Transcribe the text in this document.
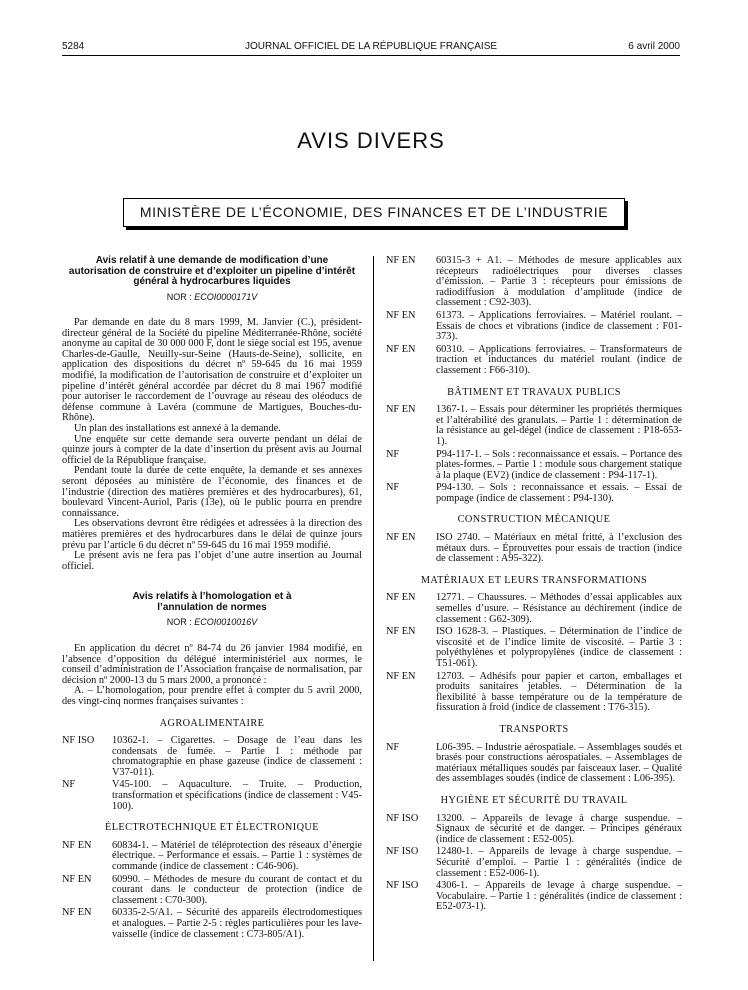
5284	JOURNAL OFFICIEL DE LA RÉPUBLIQUE FRANÇAISE	6 avril 2000
AVIS DIVERS
MINISTÈRE DE L’ÉCONOMIE, DES FINANCES ET DE L’INDUSTRIE
Avis relatif à une demande de modification d’une autorisation de construire et d’exploiter un pipeline d’intérêt général à hydrocarbures liquides
NOR : ECOI0000171V

Par demande en date du 8 mars 1999, M. Janvier (C.), président-directeur général de la Société du pipeline Méditerranée-Rhône, société anonyme au capital de 30 000 000 F, dont le siège social est 195, avenue Charles-de-Gaulle, Neuilly-sur-Seine (Hauts-de-Seine), sollicite, en application des dispositions du décret nº 59-645 du 16 mai 1959 modifié, la modification de l’autorisation de construire et d’exploiter un pipeline d’intérêt général accordée par décret du 8 mai 1967 modifié pour autoriser le raccordement de l’ouvrage au réseau des oléoducs de défense commune à Lavéra (commune de Martigues, Bouches-du-Rhône).

Un plan des installations est annexé à la demande.

Une enquête sur cette demande sera ouverte pendant un délai de quinze jours à compter de la date d’insertion du présent avis au Journal officiel de la République française.

Pendant toute la durée de cette enquête, la demande et ses annexes seront déposées au ministère de l’économie, des finances et de l’industrie (direction des matières premières et des hydrocarbures), 61, boulevard Vincent-Auriol, Paris (13e), où le public pourra en prendre connaissance.

Les observations devront être rédigées et adressées à la direction des matières premières et des hydrocarbures dans le délai de quinze jours prévu par l’article 6 du décret nº 59-645 du 16 mai 1959 modifié.

Le présent avis ne fera pas l’objet d’une autre insertion au Journal officiel.

Avis relatifs à l’homologation et à l’annulation de normes
NOR : ECOI0010016V

En application du décret nº 84-74 du 26 janvier 1984 modifié, en l’absence d’opposition du délégué interministériel aux normes, le conseil d’administration de l’Association française de normalisation, par décision nº 2000-13 du 5 mars 2000, a prononcé :

A. – L’homologation, pour prendre effet à compter du 5 avril 2000, des vingt-cinq normes françaises suivantes :

AGROALIMENTAIRE
NF ISO	10362-1. – Cigarettes. – Dosage de l’eau dans les condensats de fumée. – Partie 1 : méthode par chromatographie en phase gazeuse (indice de classement : V37-011).
NF	V45-100. – Aquaculture. – Truite. – Production, transformation et spécifications (indice de classement : V45-100).
ÉLECTROTECHNIQUE ET ÉLECTRONIQUE
NF EN	60834-1. – Matériel de téléprotection des réseaux d’énergie électrique. – Performance et essais. – Partie 1 : systèmes de commande (indice de classement : C46-906).
NF EN	60990. – Méthodes de mesure du courant de contact et du courant dans le conducteur de protection (indice de classement : C70-300).
NF EN	60335-2-5/A1. – Sécurité des appareils électrodomestiques et analogues. – Partie 2-5 : règles particulières pour les lave-vaisselle (indice de classement : C73-805/A1).
NF EN	60315-3 + A1. – Méthodes de mesure applicables aux récepteurs radioélectriques pour diverses classes d’émission. – Partie 3 : récepteurs pour émissions de radiodiffusion à modulation d’amplitude (indice de classement : C92-303).
NF EN	61373. – Applications ferroviaires. – Matériel roulant. – Essais de chocs et vibrations (indice de classement : F01-373).
NF EN	60310. – Applications ferroviaires. – Transformateurs de traction et inductances du matériel roulant (indice de classement : F66-310).
BÂTIMENT ET TRAVAUX PUBLICS
NF EN	1367-1. – Essais pour déterminer les propriétés thermiques et l’altérabilité des granulats. – Partie 1 : détermination de la résistance au gel-dégel (indice de classement : P18-653-1).
NF	P94-117-1. – Sols : reconnaissance et essais. – Portance des plates-formes. – Partie 1 : module sous chargement statique à la plaque (EV2) (indice de classement : P94-117-1).
NF	P94-130. – Sols : reconnaissance et essais. – Essai de pompage (indice de classement : P94-130).
CONSTRUCTION MÉCANIQUE
NF EN	ISO 2740. – Matériaux en métal fritté, à l’exclusion des métaux durs. – Éprouvettes pour essais de traction (indice de classement : A95-322).
MATÉRIAUX ET LEURS TRANSFORMATIONS
NF EN	12771. – Chaussures. – Méthodes d’essai applicables aux semelles d’usure. – Résistance au déchirement (indice de classement : G62-309).
NF EN	ISO 1628-3. – Plastiques. – Détermination de l’indice de viscosité et de l’indice limite de viscosité. – Partie 3 : polyéthylènes et polypropylènes (indice de classement : T51-061).
NF EN	12703. – Adhésifs pour papier et carton, emballages et produits sanitaires jetables. – Détermination de la flexibilité à basse température ou de la température de fissuration à froid (indice de classement : T76-315).
TRANSPORTS
NF	L06-395. – Industrie aérospatiale. – Assemblages soudés et brasés pour constructions aérospatiales. – Assemblages de matériaux métalliques soudés par faisceaux laser. – Qualité des assemblages soudés (indice de classement : L06-395).
HYGIÈNE ET SÉCURITÉ DU TRAVAIL
NF ISO	13200. – Appareils de levage à charge suspendue. – Signaux de sécurité et de danger. – Principes généraux (indice de classement : E52-005).
NF ISO	12480-1. – Appareils de levage à charge suspendue. – Sécurité d’emploi. – Partie 1 : généralités (indice de classement : E52-006-1).
NF ISO	4306-1. – Appareils de levage à charge suspendue. – Vocabulaire. – Partie 1 : généralités (indice de classement : E52-073-1).
